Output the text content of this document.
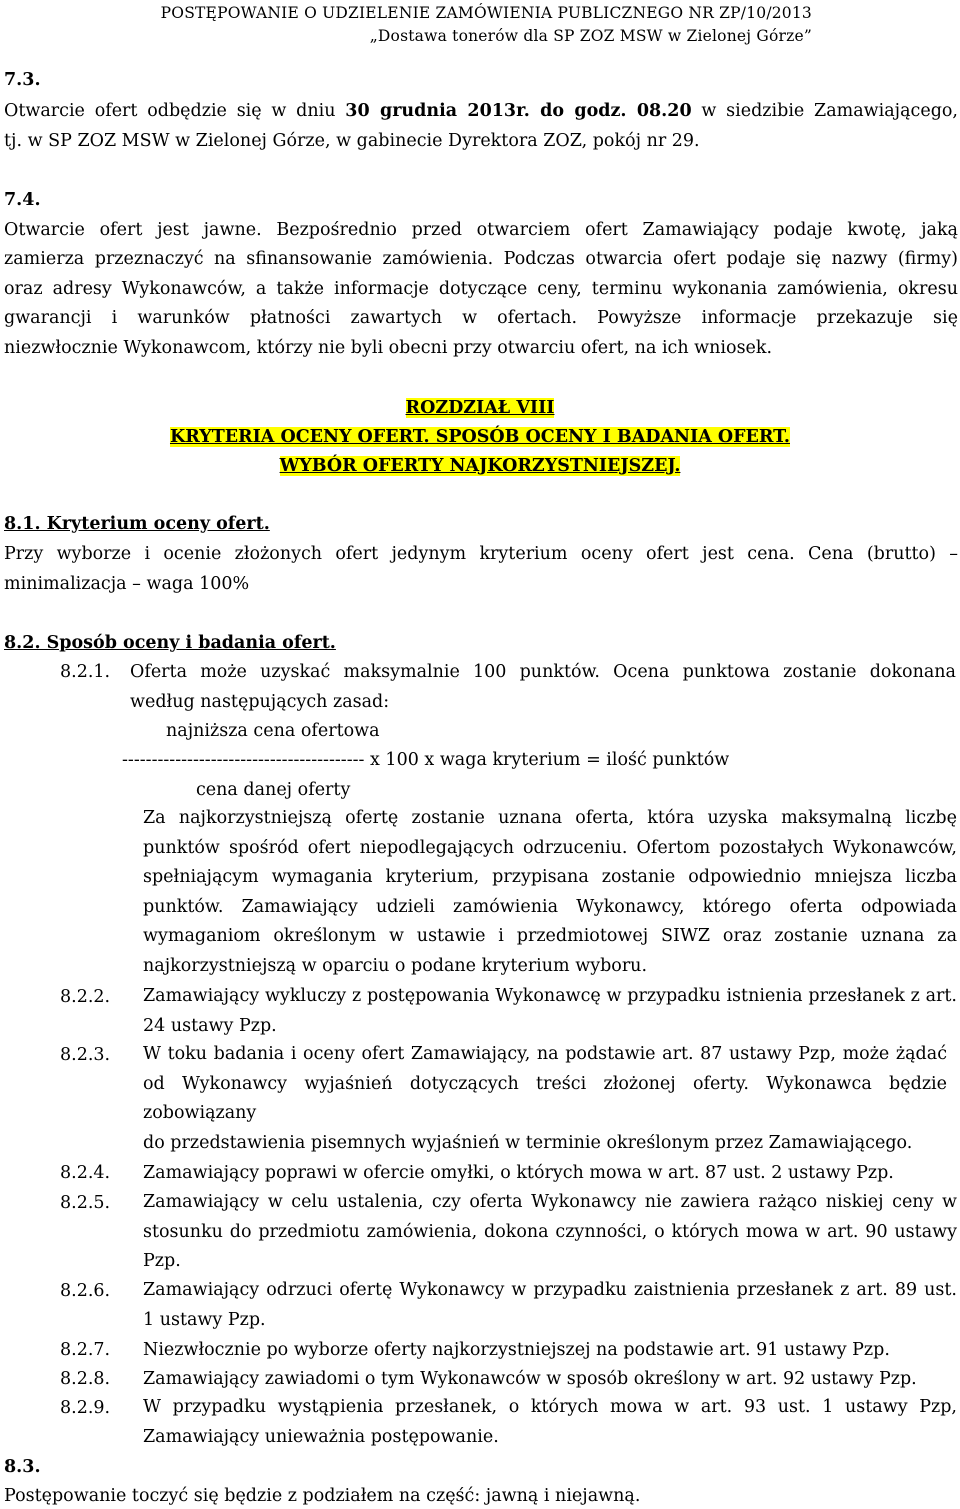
POSTĘPOWANIE O UDZIELENIE ZAMÓWIENIA PUBLICZNEGO NR ZP/10/2013
„Dostawa tonerów dla SP ZOZ MSW w Zielonej Górze”
7.3.
Otwarcie ofert odbędzie się w dniu 30 grudnia 2013r. do godz. 08.20 w siedzibie Zamawiającego,
tj. w SP ZOZ MSW w Zielonej Górze, w gabinecie Dyrektora ZOZ, pokój nr 29.
7.4.
Otwarcie ofert jest jawne. Bezpośrednio przed otwarciem ofert Zamawiający podaje kwotę, jaką
zamierza przeznaczyć na sfinansowanie zamówienia. Podczas otwarcia ofert podaje się nazwy (firmy)
oraz adresy Wykonawców, a także informacje dotyczące ceny, terminu wykonania zamówienia, okresu
gwarancji i warunków płatności zawartych w ofertach. Powyższe informacje przekazuje się
niezwłocznie Wykonawcom, którzy nie byli obecni przy otwarciu ofert, na ich wniosek.
ROZDZIAŁ VIII
KRYTERIA OCENY OFERT. SPOSÓB OCENY I BADANIA OFERT.
WYBÓR OFERTY NAJKORZYSTNIEJSZEJ.
8.1. Kryterium oceny ofert.
Przy wyborze i ocenie złożonych ofert jedynym kryterium oceny ofert jest cena. Cena (brutto) –
minimalizacja – waga 100%
8.2. Sposób oceny i badania ofert.
8.2.1. Oferta może uzyskać maksymalnie 100 punktów. Ocena punktowa zostanie dokonana
według następujących zasad:
najniższa cena ofertowa
----------------------------------------- x 100 x waga kryterium = ilość punktów
cena danej oferty
Za najkorzystniejszą ofertę zostanie uznana oferta, która uzyska maksymalną liczbę punktów spośród ofert niepodlegających odrzuceniu. Ofertom pozostałych Wykonawców, spełniającym wymagania kryterium, przypisana zostanie odpowiednio mniejsza liczba punktów. Zamawiający udzieli zamówienia Wykonawcy, którego oferta odpowiada wymaganiom określonym w ustawie i przedmiotowej SIWZ oraz zostanie uznana za najkorzystniejszą w oparciu o podane kryterium wyboru.
8.2.2. Zamawiający wykluczy z postępowania Wykonawcę w przypadku istnienia przesłanek z art. 24 ustawy Pzp.
8.2.3. W toku badania i oceny ofert Zamawiający, na podstawie art. 87 ustawy Pzp, może żądać od Wykonawcy wyjaśnień dotyczących treści złożonej oferty. Wykonawca będzie zobowiązany
do przedstawienia pisemnych wyjaśnień w terminie określonym przez Zamawiającego.
8.2.4. Zamawiający poprawi w ofercie omyłki, o których mowa w art. 87 ust. 2 ustawy Pzp.
8.2.5. Zamawiający w celu ustalenia, czy oferta Wykonawcy nie zawiera rażąco niskiej ceny w stosunku do przedmiotu zamówienia, dokona czynności, o których mowa w art. 90 ustawy Pzp.
8.2.6. Zamawiający odrzuci ofertę Wykonawcy w przypadku zaistnienia przesłanek z art. 89 ust. 1 ustawy Pzp.
8.2.7. Niezwłocznie po wyborze oferty najkorzystniejszej na podstawie art. 91 ustawy Pzp.
8.2.8. Zamawiający zawiadomi o tym Wykonawców w sposób określony w art. 92 ustawy Pzp.
8.2.9. W przypadku wystąpienia przesłanek, o których mowa w art. 93 ust. 1 ustawy Pzp, Zamawiający unieważnia postępowanie.
8.3.
Postępowanie toczyć się będzie z podziałem na część: jawną i niejawną.
